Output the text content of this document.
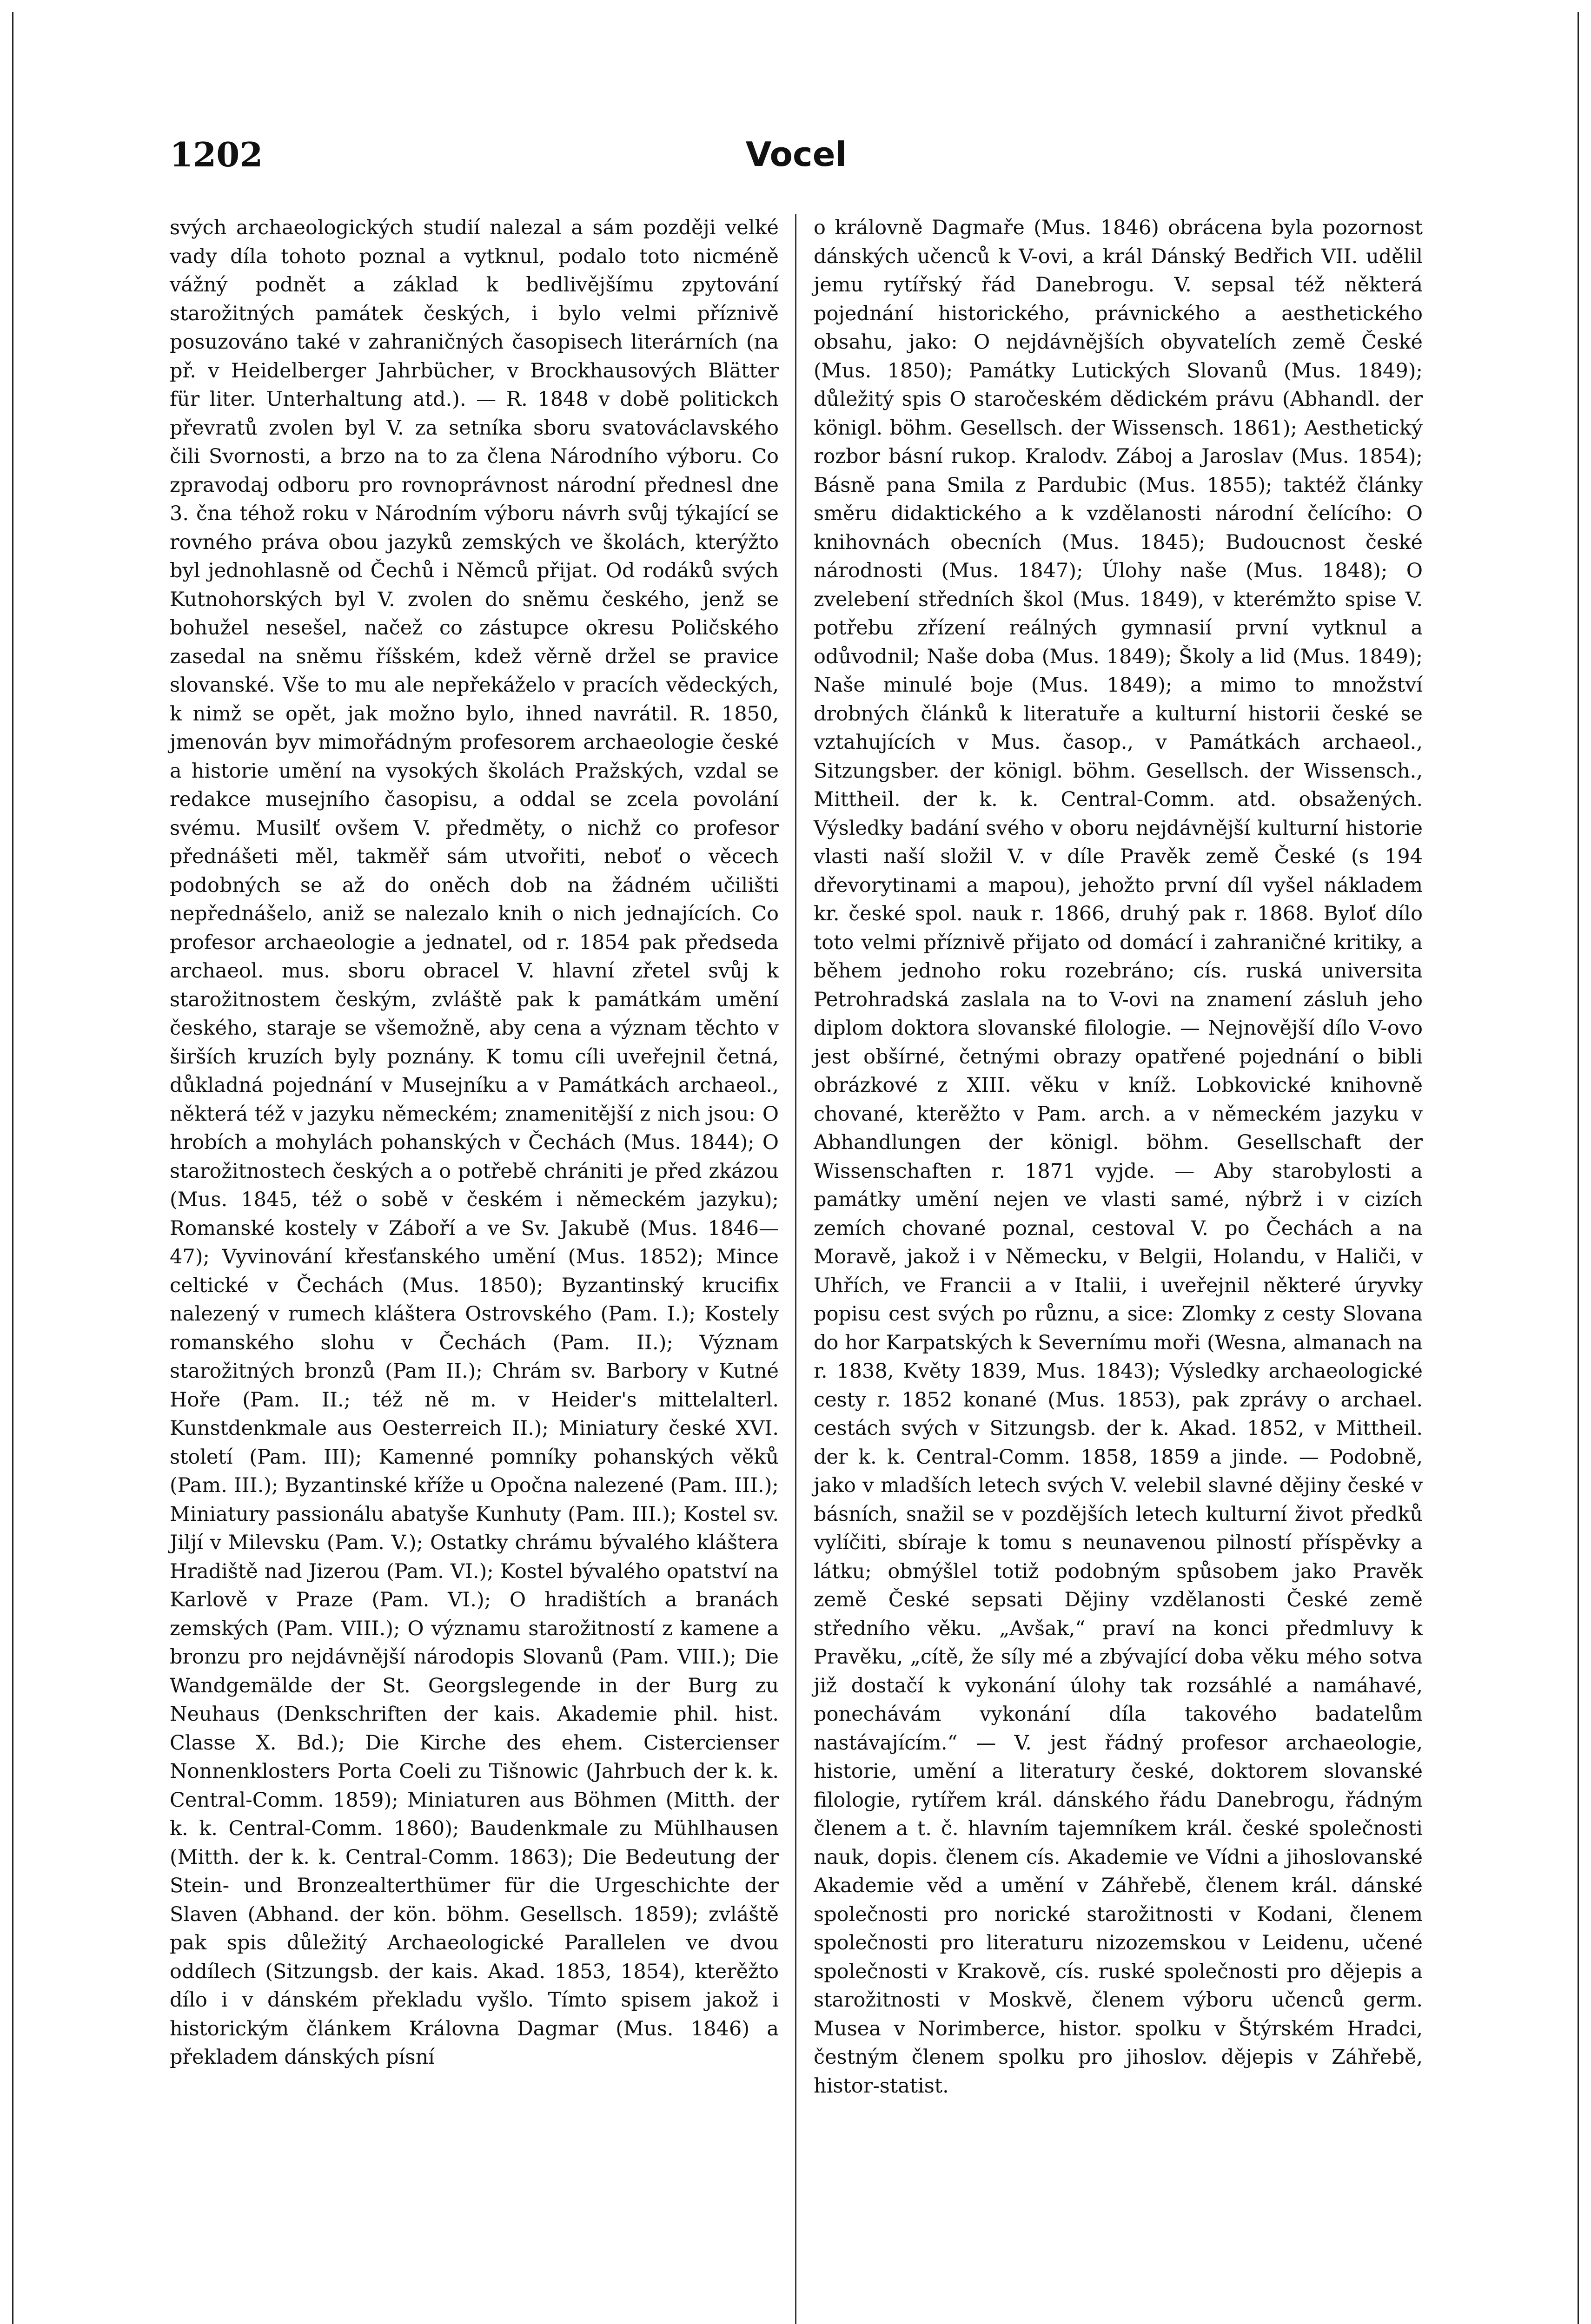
1202	Vocel

svých archaeologických studií nalezal a sám později velké vady díla tohoto poznal a vytknul, podalo toto nicméně vážný podnět a základ k bedlivějšímu zpytování starožitných památek českých, i bylo velmi příznivě posuzováno také v zahraničných časopisech literárních (na př. v Heidelberger Jahrbücher, v Brockhausových Blätter für liter. Unterhaltung atd.). — R. 1848 v době politickch převratů zvolen byl V. za setníka sboru svatováclavského čili Svornosti, a brzo na to za člena Národního výboru. Co zpravodaj odboru pro rovnoprávnost národní přednesl dne 3. čna téhož roku v Národním výboru návrh svůj týkající se rovného práva obou jazyků zemských ve školách, kterýžto byl jednohlasně od Čechů i Němců přijat. Od rodáků svých Kutnohorských byl V. zvolen do sněmu českého, jenž se bohužel nesešel, načež co zástupce okresu Poličského zasedal na sněmu říšském, kdež věrně držel se pravice slovanské. Vše to mu ale nepřekáželo v pracích vědeckých, k nimž se opět, jak možno bylo, ihned navrátil. R. 1850, jmenován byv mimořádným profesorem archaeologie české a historie umění na vysokých školách Pražských, vzdal se redakce musejního časopisu, a oddal se zcela povolání svému. Musilť ovšem V. předměty, o nichž co profesor přednášeti měl, takměř sám utvořiti, neboť o věcech podobných se až do oněch dob na žádném učilišti nepřednášelo, aniž se nalezalo knih o nich jednajících. Co profesor archaeologie a jednatel, od r. 1854 pak předseda archaeol. mus. sboru obracel V. hlavní zřetel svůj k starožitnostem českým, zvláště pak k památkám umění českého, staraje se všemožně, aby cena a význam těchto v širších kruzích byly poznány. K tomu cíli uveřejnil četná, důkladná pojednání v Musejníku a v Památkách archaeol., některá též v jazyku německém; znamenitější z nich jsou: O hrobích a mohylách pohanských v Čechách (Mus. 1844); O starožitnostech českých a o potřebě chrániti je před zkázou (Mus. 1845, též o sobě v českém i německém jazyku); Romanské kostely v Záboří a ve Sv. Jakubě (Mus. 1846—47); Vyvinování křesťanského umění (Mus. 1852); Mince celtické v Čechách (Mus. 1850); Byzantinský krucifix nalezený v rumech kláštera Ostrovského (Pam. I.); Kostely romanského slohu v Čechách (Pam. II.); Význam starožitných bronzů (Pam II.); Chrám sv. Barbory v Kutné Hoře (Pam. II.; též ně m. v Heider's mittelalterl. Kunstdenkmale aus Oesterreich II.); Miniatury české XVI. století (Pam. III); Kamenné pomníky pohanských věků (Pam. III.); Byzantinské kříže u Opočna nalezené (Pam. III.); Miniatury passionálu abatyše Kunhuty (Pam. III.); Kostel sv. Jiljí v Milevsku (Pam. V.); Ostatky chrámu bývalého kláštera Hradiště nad Jizerou (Pam. VI.); Kostel bývalého opatství na Karlově v Praze (Pam. VI.); O hradištích a branách zemských (Pam. VIII.); O významu starožitností z kamene a bronzu pro nejdávnější národopis Slovanů (Pam. VIII.); Die Wandgemälde der St. Georgslegende in der Burg zu Neuhaus (Denkschriften der kais. Akademie phil. hist. Classe X. Bd.); Die Kirche des ehem. Cistercienser Nonnenklosters Porta Coeli zu Tišnowic (Jahrbuch der k. k. Central-Comm. 1859); Miniaturen aus Böhmen (Mitth. der k. k. Central-Comm. 1860); Baudenkmale zu Mühlhausen (Mitth. der k. k. Central-Comm. 1863); Die Bedeutung der Stein- und Bronzealterthümer für die Urgeschichte der Slaven (Abhand. der kön. böhm. Gesellsch. 1859); zvláště pak spis důležitý Archaeologické Parallelen ve dvou oddílech (Sitzungsb. der kais. Akad. 1853, 1854), kterěžto dílo i v dánském překladu vyšlo. Tímto spisem jakož i historickým článkem Královna Dagmar (Mus. 1846) a překladem dánských písní

o královně Dagmaře (Mus. 1846) obrácena byla pozornost dánských učenců k V-ovi, a král Dánský Bedřich VII. udělil jemu rytířský řád Danebrogu. V. sepsal též některá pojednání historického, právnického a aesthetického obsahu, jako: O nejdávnějších obyvatelích země České (Mus. 1850); Památky Lutických Slovanů (Mus. 1849); důležitý spis O staročeském dědickém právu (Abhandl. der königl. böhm. Gesellsch. der Wissensch. 1861); Aesthetický rozbor básní rukop. Kralodv. Záboj a Jaroslav (Mus. 1854); Básně pana Smila z Pardubic (Mus. 1855); taktéž články směru didaktického a k vzdělanosti národní čelícího: O knihovnách obecních (Mus. 1845); Budoucnost české národnosti (Mus. 1847); Úlohy naše (Mus. 1848); O zvelebení středních škol (Mus. 1849), v kterémžto spise V. potřebu zřízení reálných gymnasií první vytknul a odůvodnil; Naše doba (Mus. 1849); Školy a lid (Mus. 1849); Naše minulé boje (Mus. 1849); a mimo to množství drobných článků k literatuře a kulturní historii české se vztahujících v Mus. časop., v Památkách archaeol., Sitzungsber. der königl. böhm. Gesellsch. der Wissensch., Mittheil. der k. k. Central-Comm. atd. obsažených. Výsledky badání svého v oboru nejdávnější kulturní historie vlasti naší složil V. v díle Pravěk země České (s 194 dřevorytinami a mapou), jehožto první díl vyšel nákladem kr. české spol. nauk r. 1866, druhý pak r. 1868. Byloť dílo toto velmi příznivě přijato od domácí i zahraničné kritiky, a během jednoho roku rozebráno; cís. ruská universita Petrohradská zaslala na to V-ovi na znamení zásluh jeho diplom doktora slovanské filologie. — Nejnovější dílo V-ovo jest obšírné, četnými obrazy opatřené pojednání o bibli obrázkové z XIII. věku v kníž. Lobkovické knihovně chované, kterěžto v Pam. arch. a v německém jazyku v Abhandlungen der königl. böhm. Gesellschaft der Wissenschaften r. 1871 vyjde. — Aby starobylosti a památky umění nejen ve vlasti samé, nýbrž i v cizích zemích chované poznal, cestoval V. po Čechách a na Moravě, jakož i v Německu, v Belgii, Holandu, v Haliči, v Uhřích, ve Francii a v Italii, i uveřejnil některé úryvky popisu cest svých po různu, a sice: Zlomky z cesty Slovana do hor Karpatských k Severnímu moři (Wesna, almanach na r. 1838, Květy 1839, Mus. 1843); Výsledky archaeologické cesty r. 1852 konané (Mus. 1853), pak zprávy o archael. cestách svých v Sitzungsb. der k. Akad. 1852, v Mittheil. der k. k. Central-Comm. 1858, 1859 a jinde. — Podobně, jako v mladších letech svých V. velebil slavné dějiny české v básních, snažil se v pozdějších letech kulturní život předků vylíčiti, sbíraje k tomu s neunavenou pilností příspěvky a látku; obmýšlel totiž podobným spůsobem jako Pravěk země České sepsati Dějiny vzdělanosti České země středního věku. „Avšak,“ praví na konci předmluvy k Pravěku, „cítě, že síly mé a zbývající doba věku mého sotva již dostačí k vykonání úlohy tak rozsáhlé a namáhavé, ponechávám vykonání díla takového badatelům nastávajícím.“ — V. jest řádný profesor archaeologie, historie, umění a literatury české, doktorem slovanské filologie, rytířem král. dánského řádu Danebrogu, řádným členem a t. č. hlavním tajemníkem král. české společnosti nauk, dopis. členem cís. Akademie ve Vídni a jihoslovanské Akademie věd a umění v Záhřebě, členem král. dánské společnosti pro norické starožitnosti v Kodani, členem společnosti pro literaturu nizozemskou v Leidenu, učené společnosti v Krakově, cís. ruské společnosti pro dějepis a starožitnosti v Moskvě, členem výboru učenců germ. Musea v Norimberce, histor. spolku v Štýrském Hradci, čestným členem spolku pro jihoslov. dějepis v Záhřebě, histor-statist.
